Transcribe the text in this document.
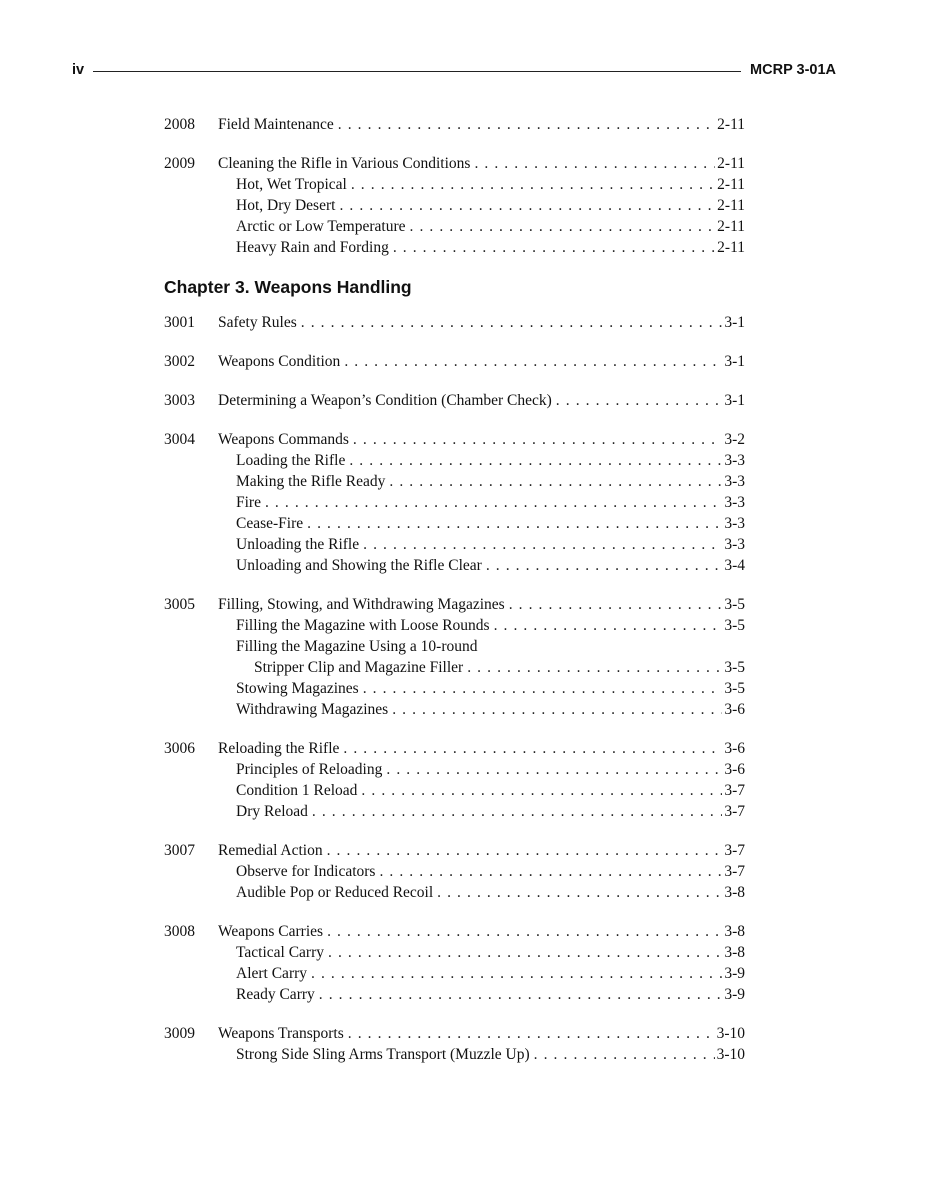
iv	MCRP 3-01A
2008	Field Maintenance . . .	2-11
2009	Cleaning the Rifle in Various Conditions . . .	2-11
Hot, Wet Tropical . . .	2-11
Hot, Dry Desert . . .	2-11
Arctic or Low Temperature . . .	2-11
Heavy Rain and Fording . . .	2-11
Chapter 3. Weapons Handling
3001	Safety Rules . . .	3-1
3002	Weapons Condition . . .	3-1
3003	Determining a Weapon’s Condition (Chamber Check) . . .	3-1
3004	Weapons Commands . . .	3-2
Loading the Rifle . . .	3-3
Making the Rifle Ready . . .	3-3
Fire . . .	3-3
Cease-Fire . . .	3-3
Unloading the Rifle . . .	3-3
Unloading and Showing the Rifle Clear . . .	3-4
3005	Filling, Stowing, and Withdrawing Magazines . . .	3-5
Filling the Magazine with Loose Rounds . . .	3-5
Filling the Magazine Using a 10-round
Stripper Clip and Magazine Filler . . .	3-5
Stowing Magazines . . .	3-5
Withdrawing Magazines . . .	3-6
3006	Reloading the Rifle . . .	3-6
Principles of Reloading . . .	3-6
Condition 1 Reload . . .	3-7
Dry Reload . . .	3-7
3007	Remedial Action . . .	3-7
Observe for Indicators . . .	3-7
Audible Pop or Reduced Recoil . . .	3-8
3008	Weapons Carries . . .	3-8
Tactical Carry . . .	3-8
Alert Carry . . .	3-9
Ready Carry . . .	3-9
3009	Weapons Transports . . .	3-10
Strong Side Sling Arms Transport (Muzzle Up) . . .	3-10
